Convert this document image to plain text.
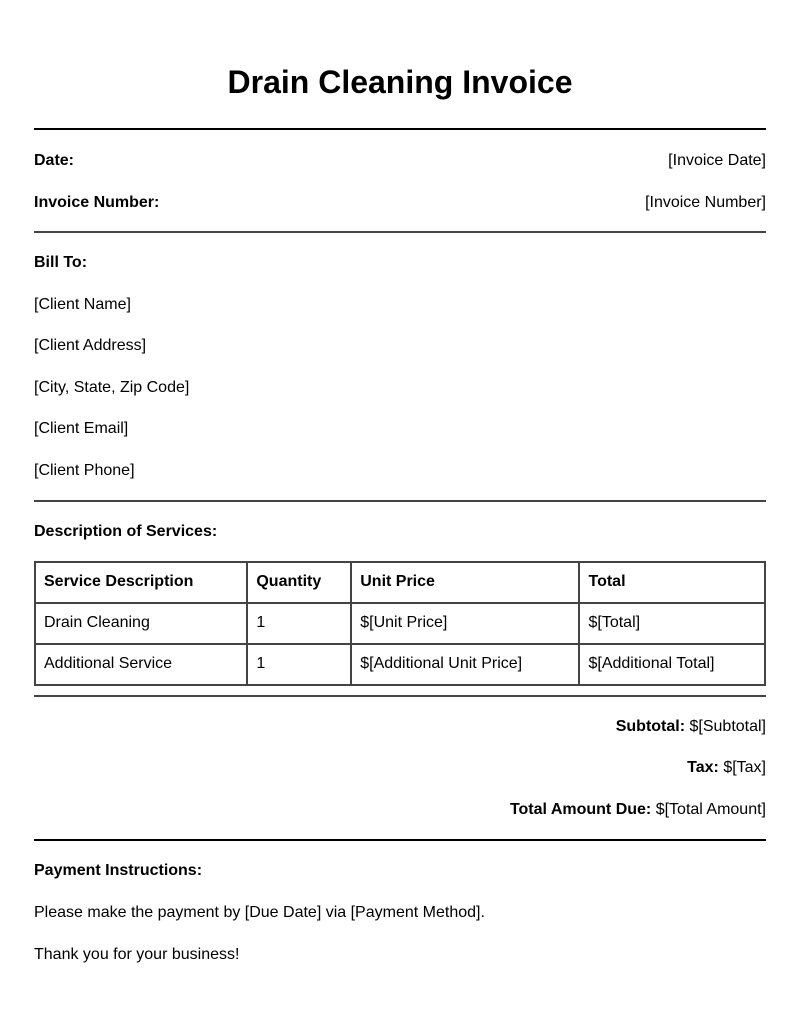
Drain Cleaning Invoice
Date:	[Invoice Date]
Invoice Number:	[Invoice Number]
Bill To:
[Client Name]
[Client Address]
[City, State, Zip Code]
[Client Email]
[Client Phone]
Description of Services:
Service Description	Quantity	Unit Price	Total
Drain Cleaning	1	$[Unit Price]	$[Total]
Additional Service	1	$[Additional Unit Price]	$[Additional Total]
Subtotal: $[Subtotal]
Tax: $[Tax]
Total Amount Due: $[Total Amount]
Payment Instructions:
Please make the payment by [Due Date] via [Payment Method].
Thank you for your business!
